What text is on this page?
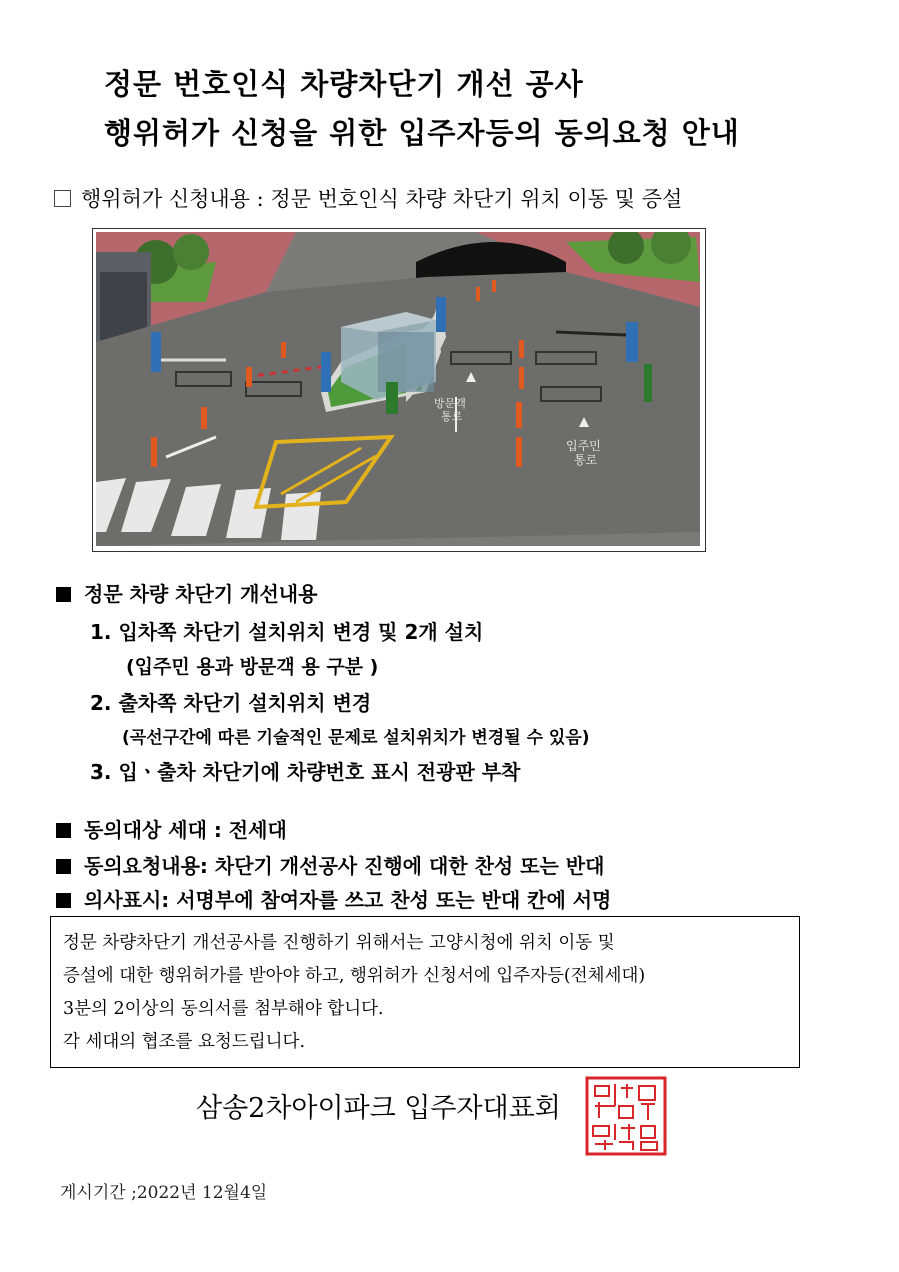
정문 번호인식 차량차단기 개선 공사
행위허가 신청을 위한 입주자등의 동의요청 안내
행위허가 신청내용 : 정문 번호인식 차량 차단기 위치 이동 및 증설
방문객 통로
입주민 통로
정문 차량 차단기 개선내용
1. 입차쪽 차단기 설치위치 변경 및 2개 설치
(입주민 용과 방문객 용 구분 )
2. 출차쪽 차단기 설치위치 변경
(곡선구간에 따른 기술적인 문제로 설치위치가 변경될 수 있음)
3. 입ㆍ출차 차단기에 차량번호 표시 전광판 부착
동의대상 세대 : 전세대
동의요청내용: 차단기 개선공사 진행에 대한 찬성 또는 반대
의사표시: 서명부에 참여자를 쓰고 찬성 또는 반대 칸에 서명
정문 차량차단기 개선공사를 진행하기 위해서는 고양시청에 위치 이동 및
증설에 대한 행위허가를 받아야 하고, 행위허가 신청서에 입주자등(전체세대)
3분의 2이상의 동의서를 첨부해야 합니다.
각 세대의 협조를 요청드립니다.
삼송2차아이파크 입주자대표회
게시기간 ;2022년 12월4일
